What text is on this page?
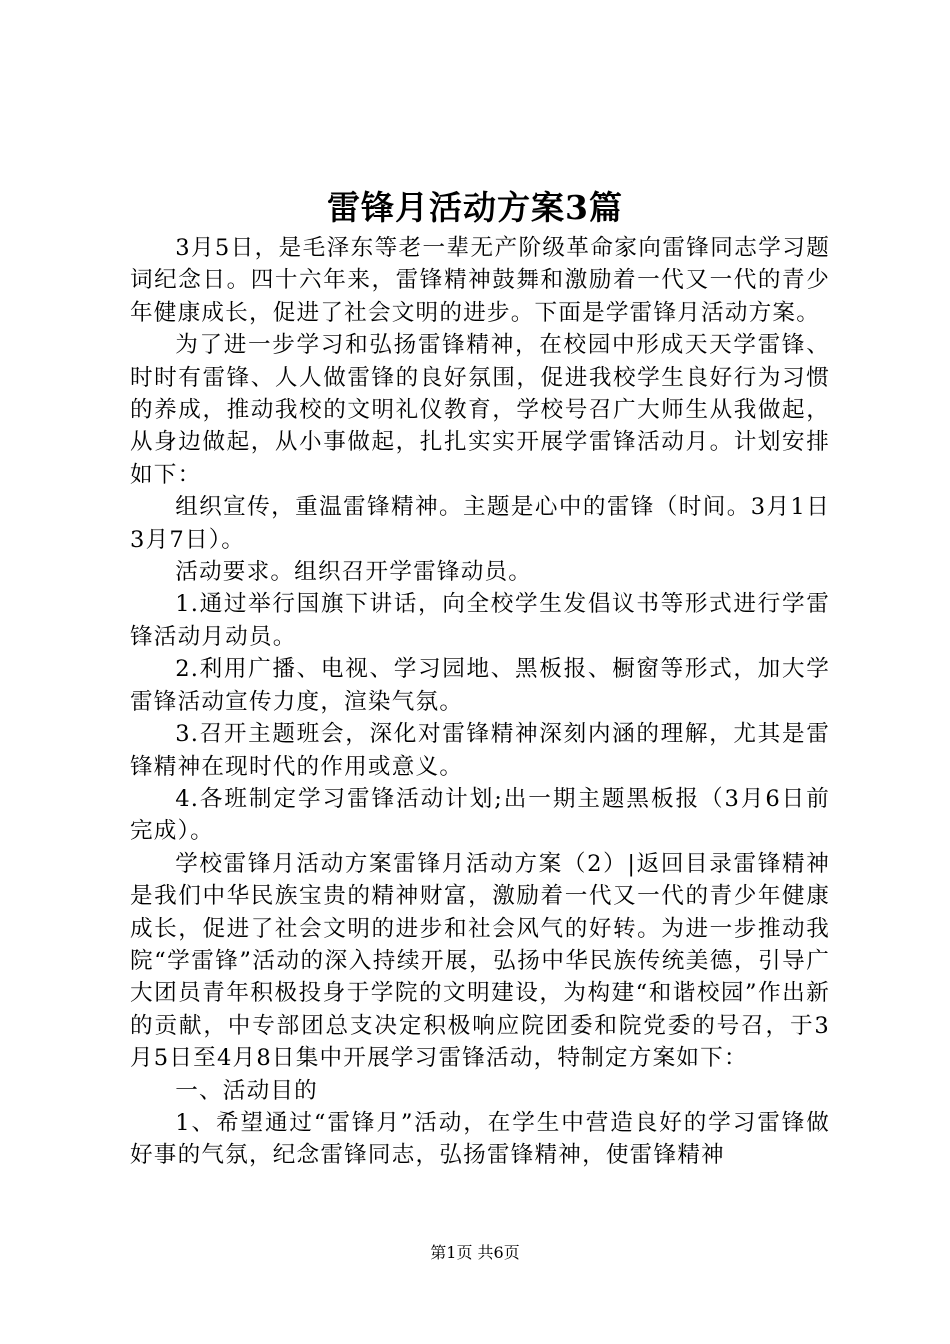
雷锋月活动方案3篇

3月5日，是毛泽东等老一辈无产阶级革命家向雷锋同志学习题词纪念日。四十六年来，雷锋精神鼓舞和激励着一代又一代的青少年健康成长，促进了社会文明的进步。下面是学雷锋月活动方案。

为了进一步学习和弘扬雷锋精神，在校园中形成天天学雷锋、时时有雷锋、人人做雷锋的良好氛围，促进我校学生良好行为习惯的养成，推动我校的文明礼仪教育，学校号召广大师生从我做起，从身边做起，从小事做起，扎扎实实开展学雷锋活动月。计划安排如下：

组织宣传，重温雷锋精神。主题是心中的雷锋（时间。3月1日3月7日）。

活动要求。组织召开学雷锋动员。

1.通过举行国旗下讲话，向全校学生发倡议书等形式进行学雷锋活动月动员。

2.利用广播、电视、学习园地、黑板报、橱窗等形式，加大学雷锋活动宣传力度，渲染气氛。

3.召开主题班会，深化对雷锋精神深刻内涵的理解，尤其是雷锋精神在现时代的作用或意义。

4.各班制定学习雷锋活动计划;出一期主题黑板报（3月6日前完成）。

学校雷锋月活动方案雷锋月活动方案（2）|返回目录雷锋精神是我们中华民族宝贵的精神财富，激励着一代又一代的青少年健康成长，促进了社会文明的进步和社会风气的好转。为进一步推动我院“学雷锋”活动的深入持续开展，弘扬中华民族传统美德，引导广大团员青年积极投身于学院的文明建设，为构建“和谐校园”作出新的贡献，中专部团总支决定积极响应院团委和院党委的号召，于3月5日至4月8日集中开展学习雷锋活动，特制定方案如下：

一、活动目的

1、希望通过“雷锋月”活动，在学生中营造良好的学习雷锋做好事的气氛，纪念雷锋同志，弘扬雷锋精神，使雷锋精神

第1页 共6页
